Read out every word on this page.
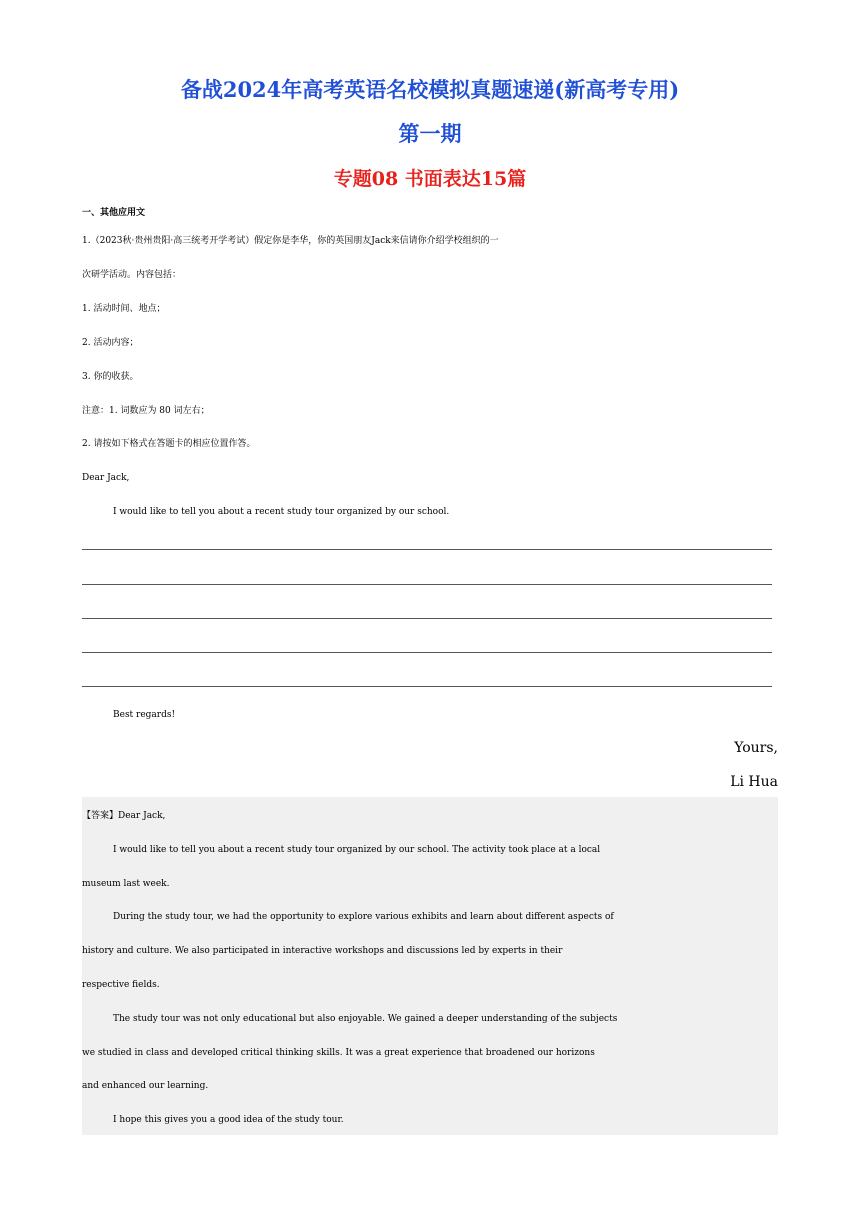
备战2024年高考英语名校模拟真题速递(新高考专用)
第一期
专题08 书面表达15篇
一、其他应用文
1.（2023秋·贵州贵阳·高三统考开学考试）假定你是李华，你的英国朋友Jack来信请你介绍学校组织的一
次研学活动。内容包括：
1. 活动时间、地点；
2. 活动内容；
3. 你的收获。
注意：1. 词数应为 80 词左右；
2. 请按如下格式在答题卡的相应位置作答。
Dear Jack,
I would like to tell you about a recent study tour organized by our school.
Best regards!
Yours,
Li Hua
【答案】Dear Jack,
I would like to tell you about a recent study tour organized by our school. The activity took place at a local
museum last week.
During the study tour, we had the opportunity to explore various exhibits and learn about different aspects of
history and culture. We also participated in interactive workshops and discussions led by experts in their
respective fields.
The study tour was not only educational but also enjoyable. We gained a deeper understanding of the subjects
we studied in class and developed critical thinking skills. It was a great experience that broadened our horizons
and enhanced our learning.
I hope this gives you a good idea of the study tour.
